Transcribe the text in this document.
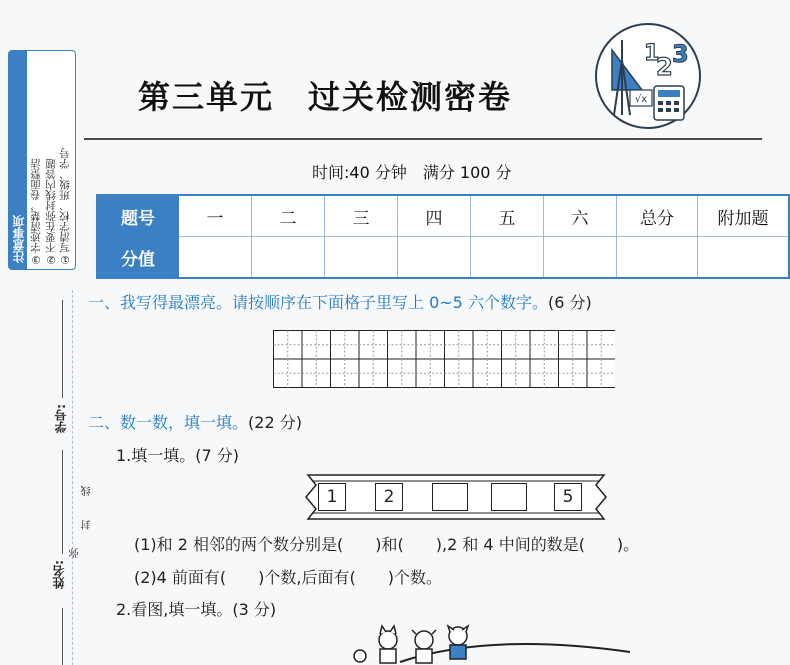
注意事项	①写清学校、班级、学号
②不要在弥封线内答题
③字迹清楚，卷面整洁
学号:
姓名:
线
封
弥
第三单元　过关检测密卷	√x
1
2 3
时间:40 分钟　满分 100 分
题号	一	二	三	四	五	六	总分	附加题
分值								
一、我写得最漂亮。请按顺序在下面格子里写上 0~5 六个数字。(6 分)
二、数一数，填一填。(22 分)
1.填一填。(7 分)
1	2	5
(1)和 2 相邻的两个数分别是(　　)和(　　),2 和 4 中间的数是(　　)。
(2)4 前面有(　　)个数,后面有(　　)个数。
2.看图,填一填。(3 分)
